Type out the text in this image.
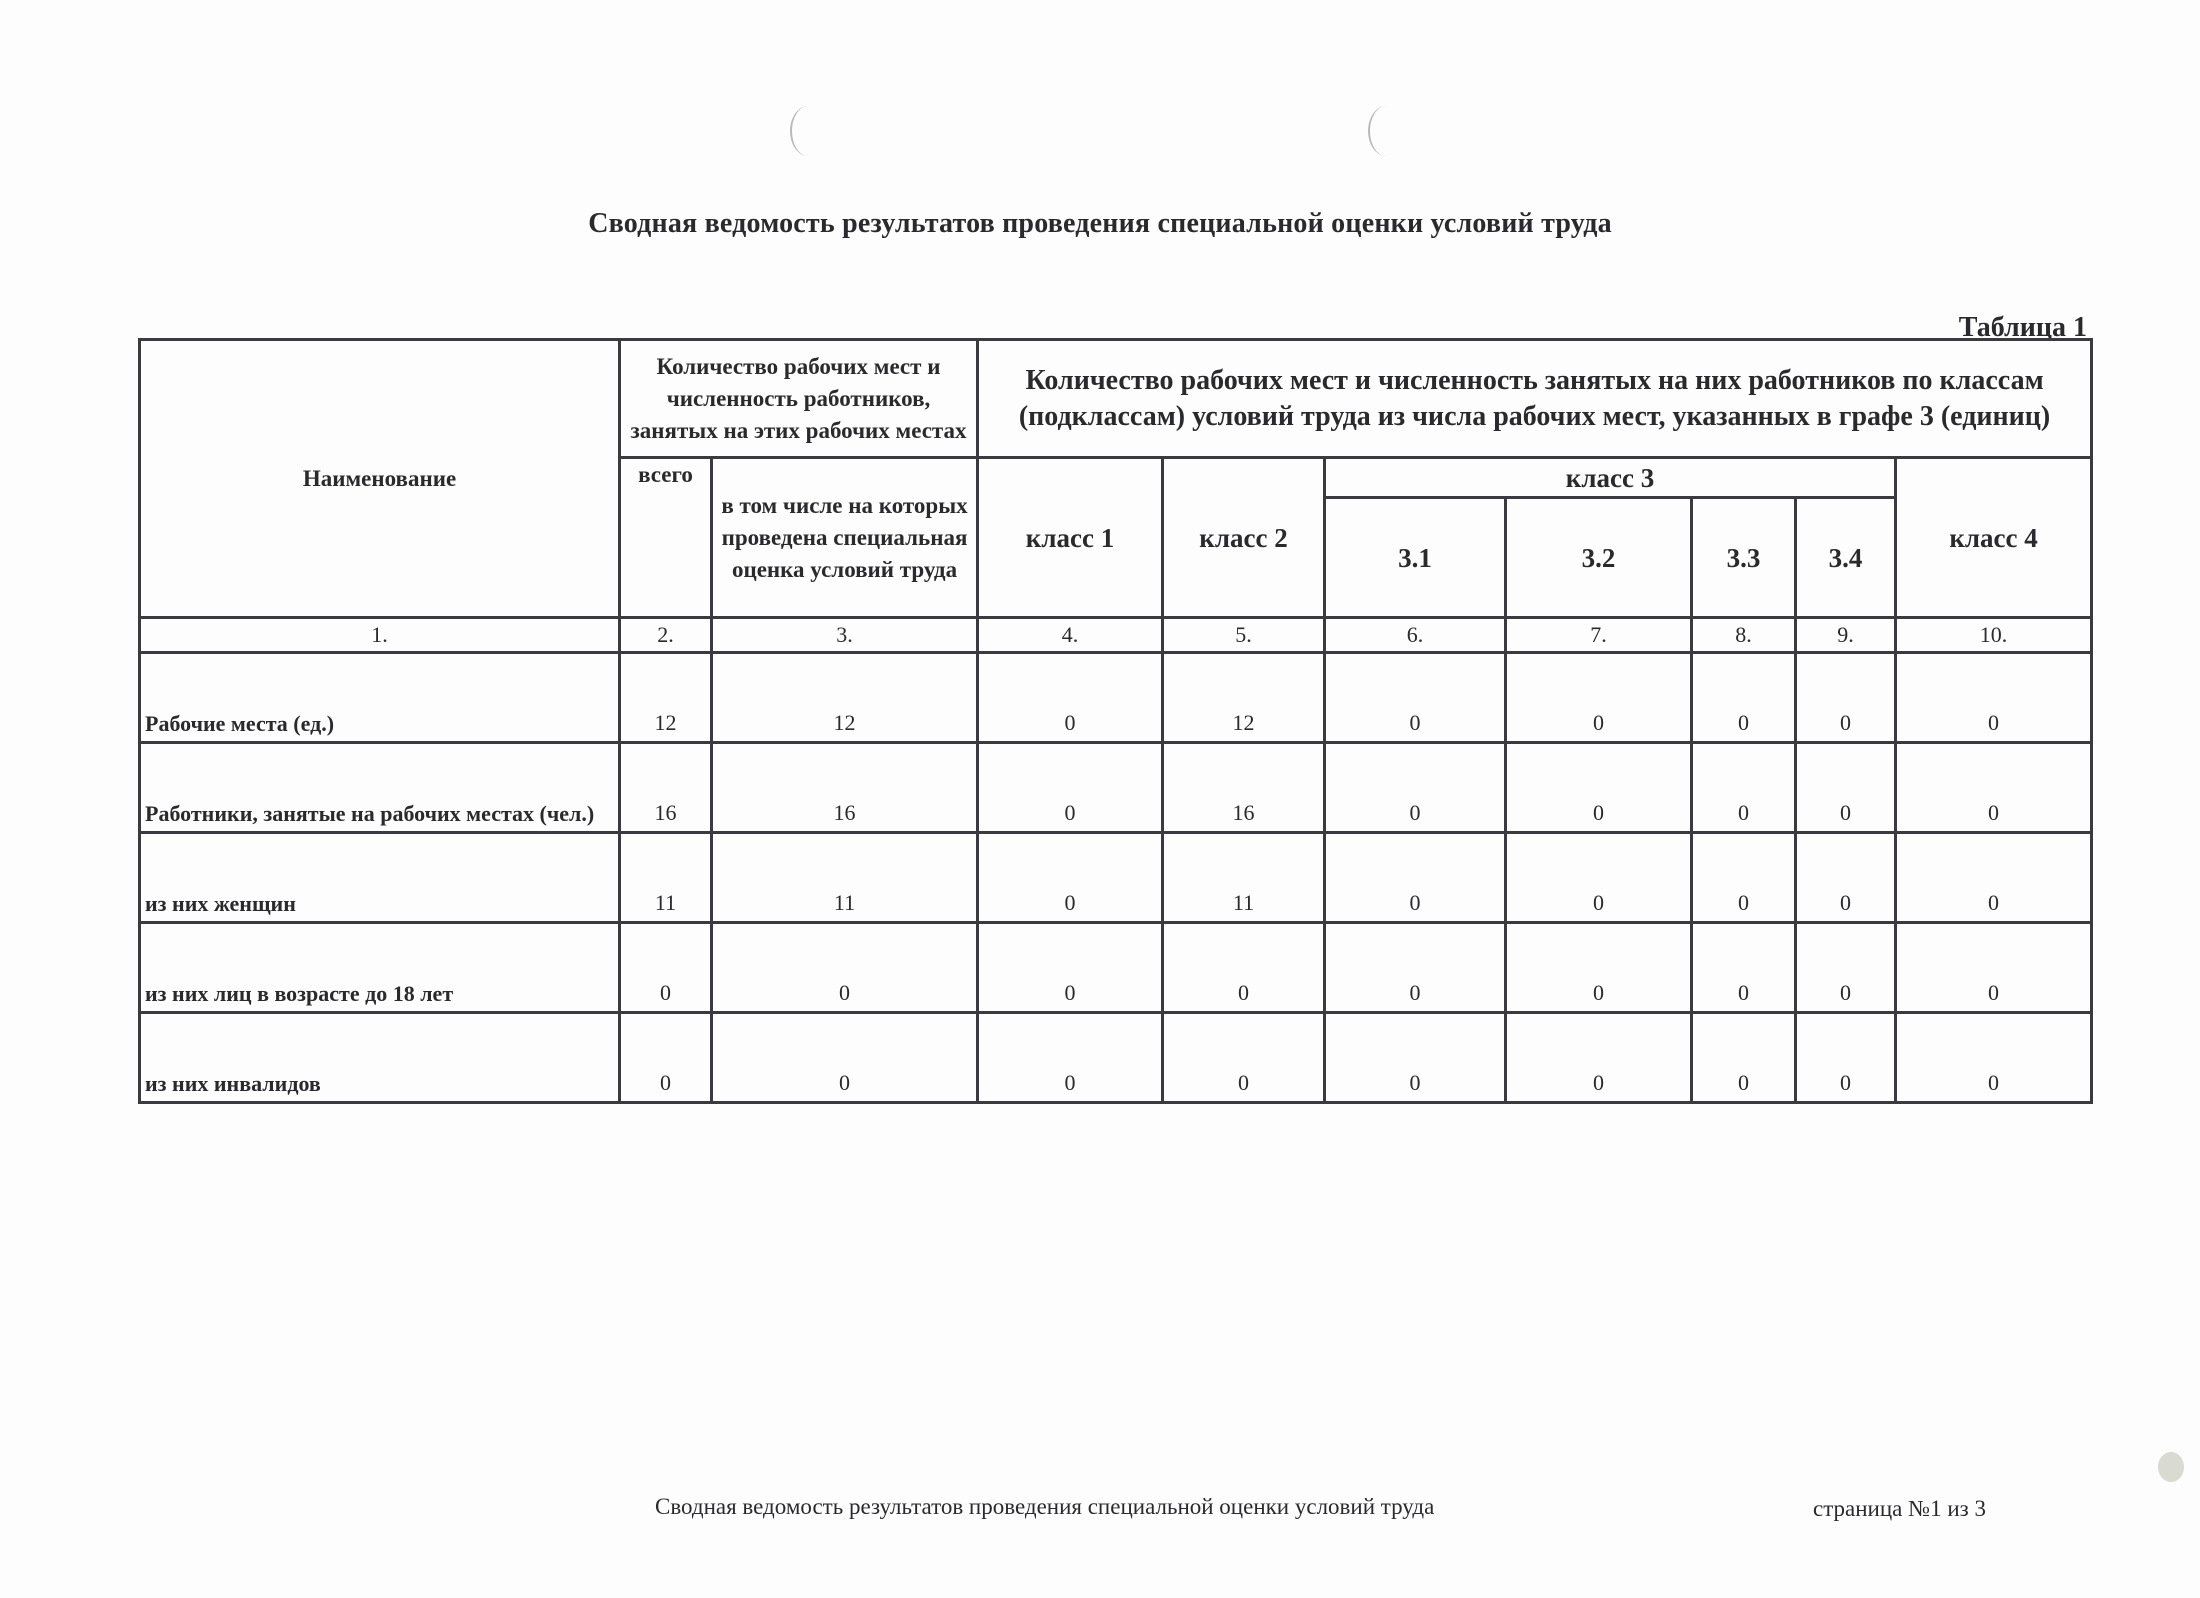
Сводная ведомость результатов проведения специальной оценки условий труда
Таблица 1
Наименование	Количество рабочих мест и численность работников, занятых на этих рабочих местах		Количество рабочих мест и численность занятых на них работников по классам (подклассам) условий труда из числа рабочих мест, указанных в графе 3 (единиц)						
	всего	в том числе на которых проведена специальная оценка условий труда	класс 1	класс 2	класс 3				класс 4
					3.1	3.2	3.3	3.4	
1.	2.	3.	4.	5.	6.	7.	8.	9.	10.
Рабочие места (ед.)	12	12	0	12	0	0	0	0	0
Работники, занятые на рабочих местах (чел.)	16	16	0	16	0	0	0	0	0
из них женщин	11	11	0	11	0	0	0	0	0
из них лиц в возрасте до 18 лет	0	0	0	0	0	0	0	0	0
из них инвалидов	0	0	0	0	0	0	0	0	0
Сводная ведомость результатов проведения специальной оценки условий труда	страница №1 из 3
